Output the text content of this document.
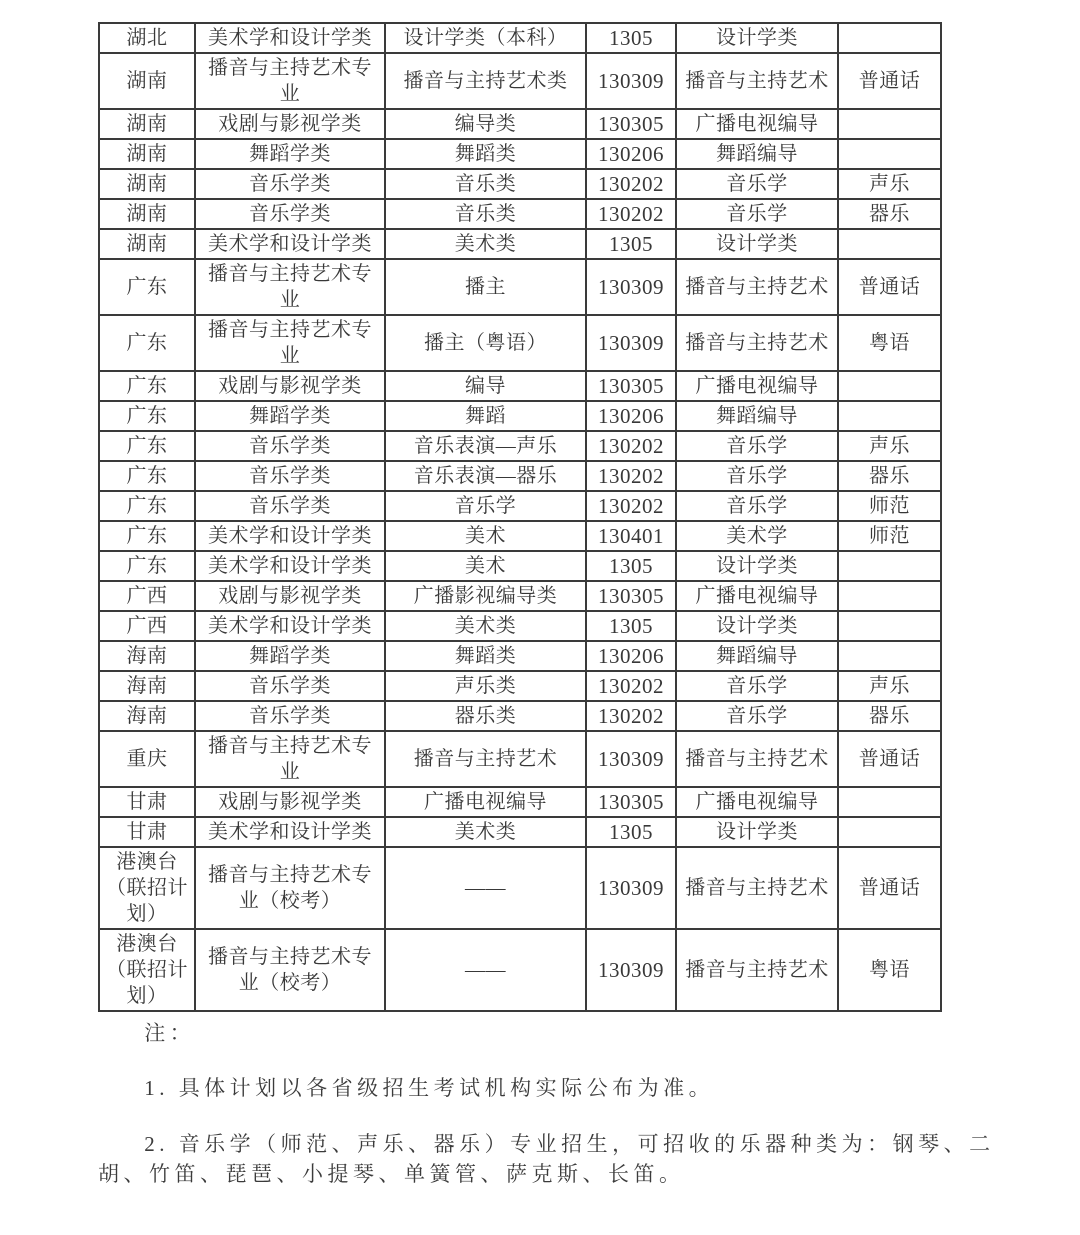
湖北	美术学和设计学类	设计学类（本科）	1305	设计学类	
湖南	播音与主持艺术专业	播音与主持艺术类	130309	播音与主持艺术	普通话
湖南	戏剧与影视学类	编导类	130305	广播电视编导	
湖南	舞蹈学类	舞蹈类	130206	舞蹈编导	
湖南	音乐学类	音乐类	130202	音乐学	声乐
湖南	音乐学类	音乐类	130202	音乐学	器乐
湖南	美术学和设计学类	美术类	1305	设计学类	
广东	播音与主持艺术专业	播主	130309	播音与主持艺术	普通话
广东	播音与主持艺术专业	播主（粤语）	130309	播音与主持艺术	粤语
广东	戏剧与影视学类	编导	130305	广播电视编导	
广东	舞蹈学类	舞蹈	130206	舞蹈编导	
广东	音乐学类	音乐表演—声乐	130202	音乐学	声乐
广东	音乐学类	音乐表演—器乐	130202	音乐学	器乐
广东	音乐学类	音乐学	130202	音乐学	师范
广东	美术学和设计学类	美术	130401	美术学	师范
广东	美术学和设计学类	美术	1305	设计学类	
广西	戏剧与影视学类	广播影视编导类	130305	广播电视编导	
广西	美术学和设计学类	美术类	1305	设计学类	
海南	舞蹈学类	舞蹈类	130206	舞蹈编导	
海南	音乐学类	声乐类	130202	音乐学	声乐
海南	音乐学类	器乐类	130202	音乐学	器乐
重庆	播音与主持艺术专业	播音与主持艺术	130309	播音与主持艺术	普通话
甘肃	戏剧与影视学类	广播电视编导	130305	广播电视编导	
甘肃	美术学和设计学类	美术类	1305	设计学类	
港澳台（联招计划）	播音与主持艺术专业（校考）	——	130309	播音与主持艺术	普通话
港澳台（联招计划）	播音与主持艺术专业（校考）	——	130309	播音与主持艺术	粤语

注：

1. 具体计划以各省级招生考试机构实际公布为准。

2. 音乐学（师范、声乐、器乐）专业招生，可招收的乐器种类为：钢琴、二胡、竹笛、琵琶、小提琴、单簧管、萨克斯、长笛。
